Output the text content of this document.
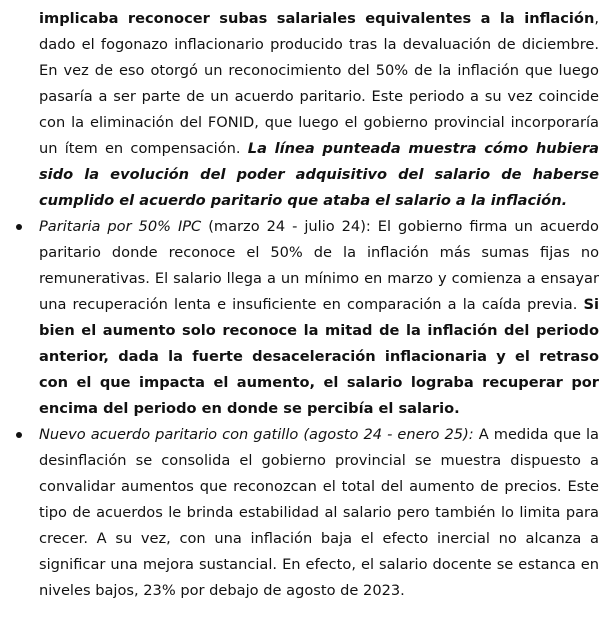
implicaba reconocer subas salariales equivalentes a la inflación, dado el fogonazo inflacionario producido tras la devaluación de diciembre. En vez de eso otorgó un reconocimiento del 50% de la inflación que luego pasaría a ser parte de un acuerdo paritario. Este periodo a su vez coincide con la eliminación del FONID, que luego el gobierno provincial incorporaría un ítem en compensación. La línea punteada muestra cómo hubiera sido la evolución del poder adquisitivo del salario de haberse cumplido el acuerdo paritario que ataba el salario a la inflación.

Paritaria por 50% IPC (marzo 24 - julio 24): El gobierno firma un acuerdo paritario donde reconoce el 50% de la inflación más sumas fijas no remunerativas. El salario llega a un mínimo en marzo y comienza a ensayar una recuperación lenta e insuficiente en comparación a la caída previa. Si bien el aumento solo reconoce la mitad de la inflación del periodo anterior, dada la fuerte desaceleración inflacionaria y el retraso con el que impacta el aumento, el salario lograba recuperar por encima del periodo en donde se percibía el salario.
Nuevo acuerdo paritario con gatillo (agosto 24 - enero 25): A medida que la desinflación se consolida el gobierno provincial se muestra dispuesto a convalidar aumentos que reconozcan el total del aumento de precios. Este tipo de acuerdos le brinda estabilidad al salario pero también lo limita para crecer. A su vez, con una inflación baja el efecto inercial no alcanza a significar una mejora sustancial. En efecto, el salario docente se estanca en niveles bajos, 23% por debajo de agosto de 2023.
